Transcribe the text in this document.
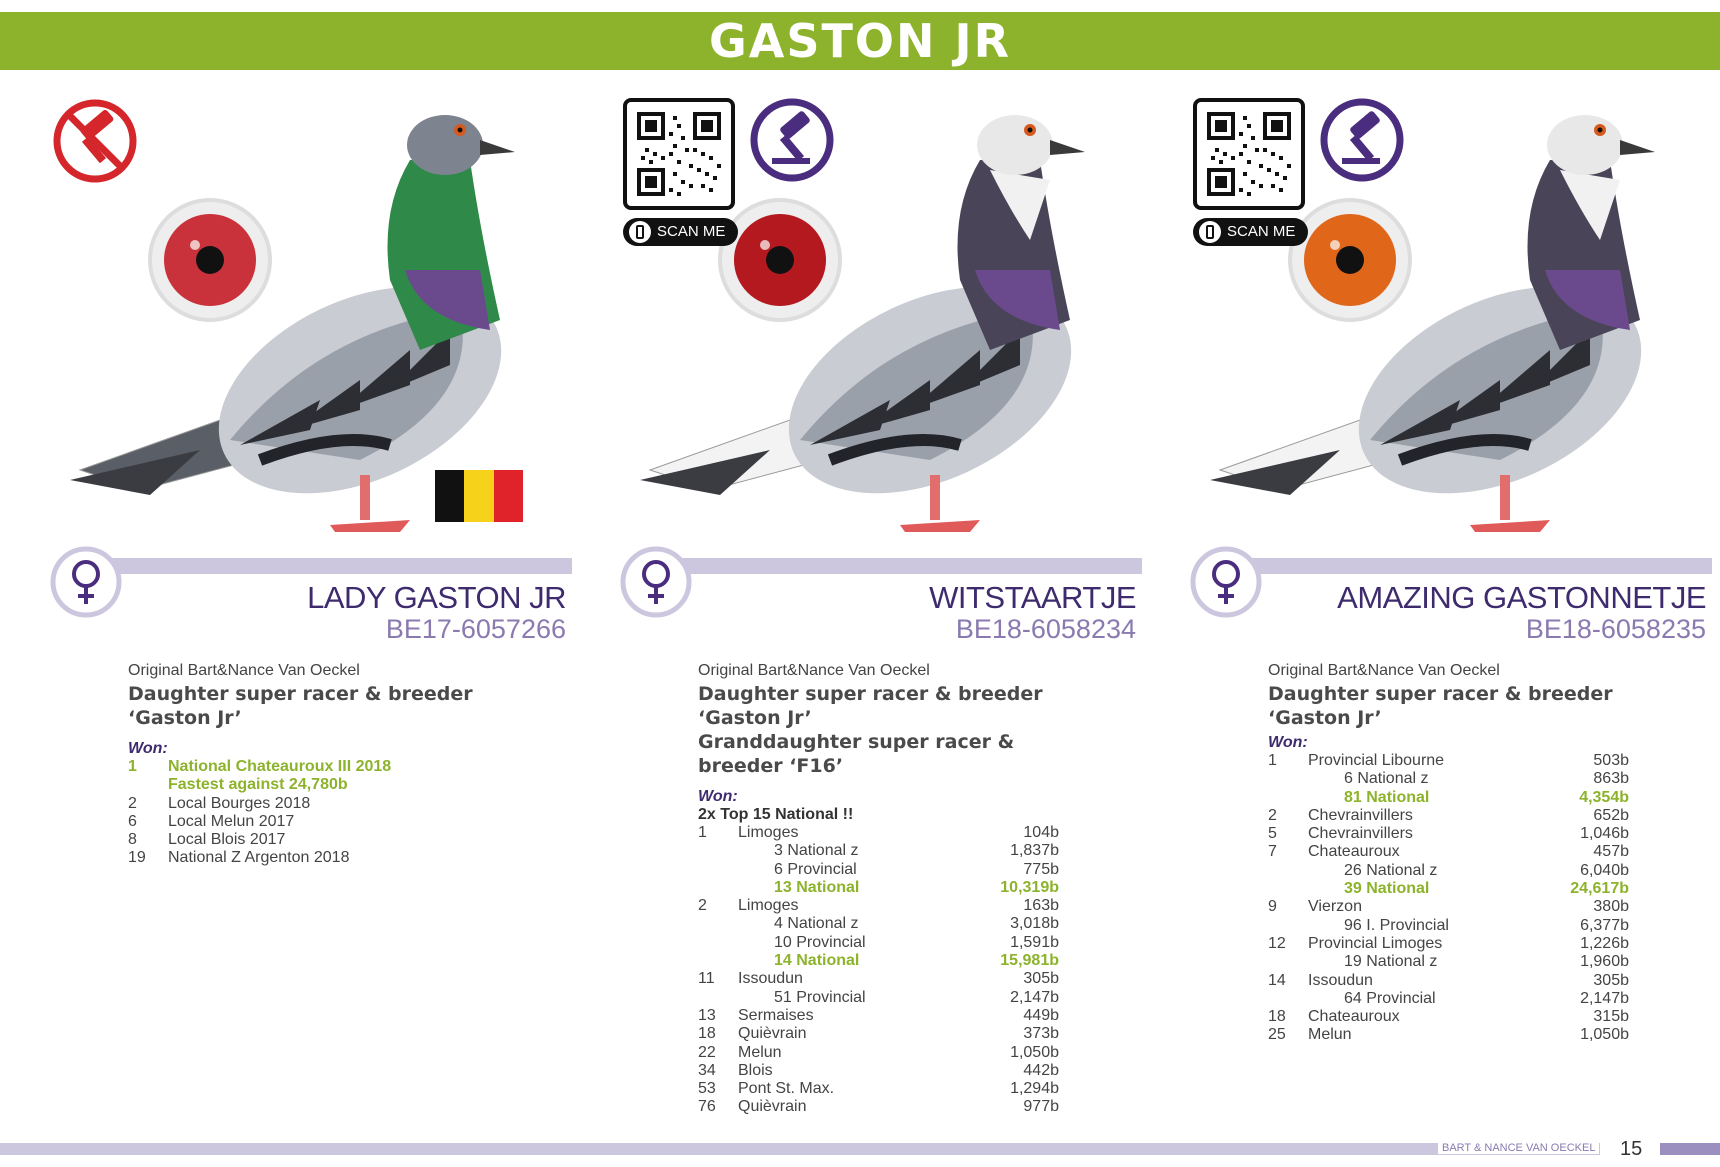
GASTON JR
LADY GASTON JR
BE17-6057266
Original Bart&Nance Van Oeckel
Daughter super racer & breeder
‘Gaston Jr’
Won:
1	National Chateauroux III 2018
	Fastest against 24,780b
2	Local Bourges 2018
6	Local Melun 2017
8	Local Blois 2017
19	National Z Argenton 2018
SCAN ME
WITSTAARTJE
BE18-6058234
Original Bart&Nance Van Oeckel
Daughter super racer & breeder
‘Gaston Jr’
Granddaughter super racer &
breeder ‘F16’
Won:
2x Top 15 National !!
1	Limoges	104b
	3 National z	1,837b
	6 Provincial	775b
	13 National	10,319b
2	Limoges	163b
	4 National z	3,018b
	10 Provincial	1,591b
	14 National	15,981b
11	Issoudun	305b
	51 Provincial	2,147b
13	Sermaises	449b
18	Quièvrain	373b
22	Melun	1,050b
34	Blois	442b
53	Pont St. Max.	1,294b
76	Quièvrain	977b
SCAN ME
AMAZING GASTONNETJE
BE18-6058235
Original Bart&Nance Van Oeckel
Daughter super racer & breeder
‘Gaston Jr’
Won:
1	Provincial Libourne	503b
	6 National z	863b
	81 National	4,354b
2	Chevrainvillers	652b
5	Chevrainvillers	1,046b
7	Chateauroux	457b
	26 National z	6,040b
	39 National	24,617b
9	Vierzon	380b
	96 I. Provincial	6,377b
12	Provincial Limoges	1,226b
	19 National z	1,960b
14	Issoudun	305b
	64 Provincial	2,147b
18	Chateauroux	315b
25	Melun	1,050b
BART & NANCE VAN OECKEL 15
